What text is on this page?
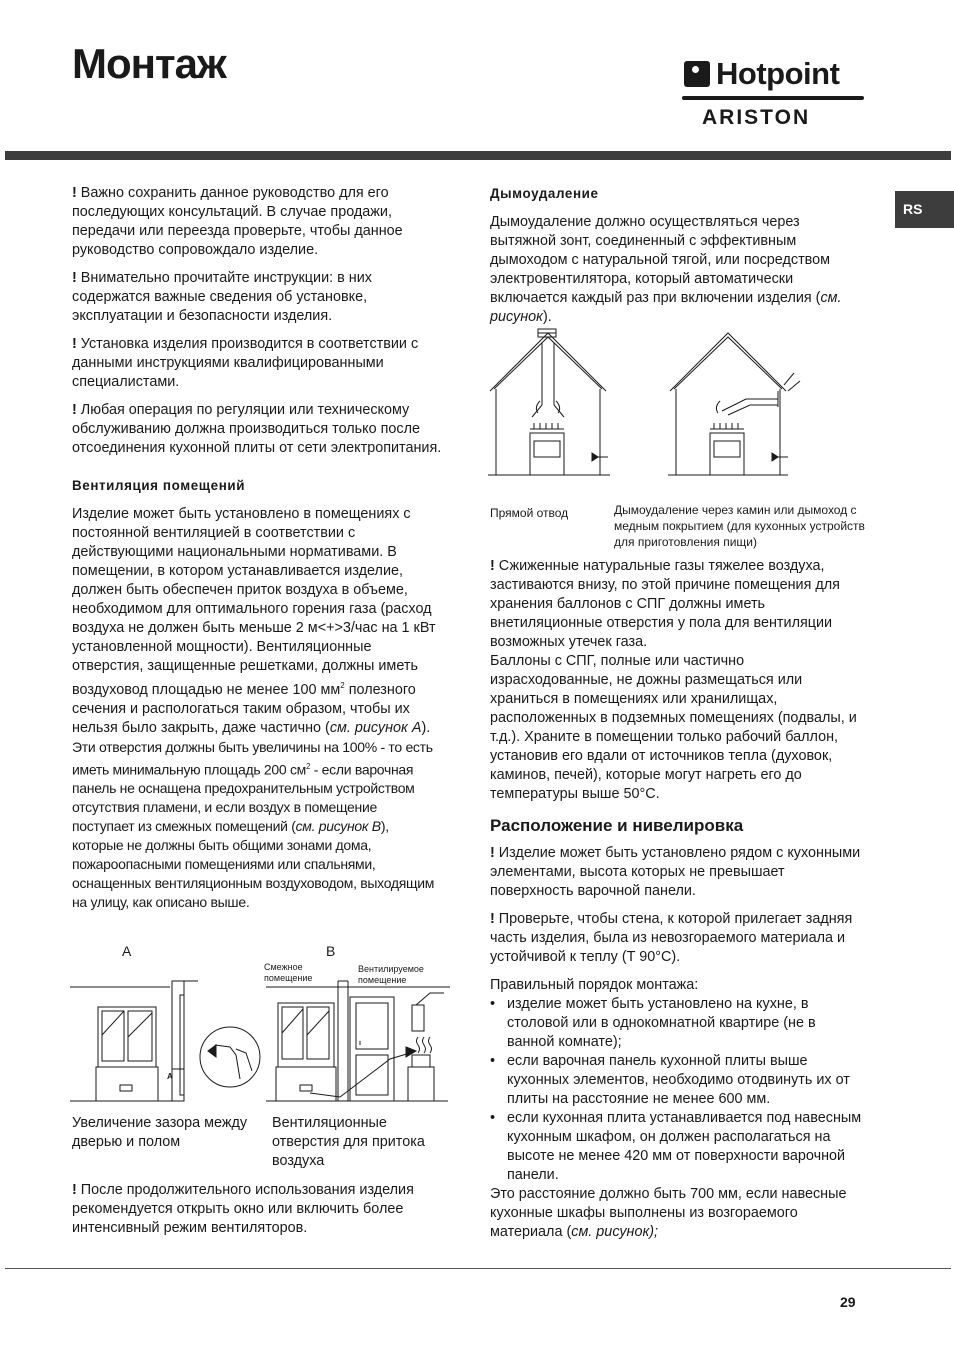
Монтаж	Hotpoint
ARISTON
RS

! Важно сохранить данное руководство для его последующих консультаций. В случае продажи, передачи или переезда проверьте, чтобы данное руководство сопровождало изделие.

! Внимательно прочитайте инструкции: в них содержатся важные сведения об установке, эксплуатации и безопасности изделия.

! Установка изделия производится в соответствии с данными инструкциями квалифицированными специалистами.

! Любая операция по регуляции или техническому обслуживанию должна производиться только после отсоединения кухонной плиты от сети электропитания.

Вентиляция помещений

Изделие может быть установлено в помещениях с постоянной вентиляцией в соответствии с действующими национальными нормативами. В помещении, в котором устанавливается изделие, должен быть обеспечен приток воздуха в объеме, необходимом для оптимального горения газа (расход воздуха не должен быть меньше 2 м<+>3/час на 1 кВт установленной мощности). Вентиляционные отверстия, защищенные решетками, должны иметь воздуховод площадью не менее 100 $мм^2$ полезного сечения и распологаться таким образом, чтобы их нельзя было закрыть, даже частично (см. рисунок A).

Эти отверстия должны быть увеличины на 100% - то есть иметь минимальную площадь 200 $см^2$ - если варочная панель не оснащена предохранительным устройством отсутствия пламени, и если воздух в помещение поступает из смежных помещений (см. рисунок B), которые не должны быть общими зонами дома, пожароопасными помещениями или спальнями, оснащенных вентиляционным воздуховодом, выходящим на улицу, как описано выше.

A	B
Смежное помещение
Вентилируемое помещение
A

Увеличение зазора между дверью и полом

Вентиляционные отверстия для притока воздуха

! После продолжительного использования изделия рекомендуется открыть окно или включить более интенсивный режим вентиляторов.

Дымоудаление

Дымоудаление должно осуществляться через вытяжной зонт, соединенный с эффективным дымоходом с натуральной тягой, или посредством электровентилятора, который автоматически включается каждый раз при включении изделия (см. рисунок).

Прямой отвод	Дымоудаление через камин или дымоход с медным покрытием (для кухонных устройств для приготовления пищи)

! Сжиженные натуральные газы тяжелее воздуха, застиваются внизу, по этой причине помещения для хранения баллонов с СПГ должны иметь внетиляционные отверстия у пола для вентиляции возможных утечек газа.

Баллоны с СПГ, полные или частично израсходованные, не дожны размещаться или храниться в помещениях или хранилищах, расположенных в подземных помещениях (подвалы, и т.д.). Храните в помещении только рабочий баллон, установив его вдали от источников тепла (духовок, каминов, печей), которые могут нагреть его до температуры выше 50°C.

Расположение и нивелировка

! Изделие может быть установлено рядом с кухонными элементами, высота которых не превышает поверхность варочной панели.

! Проверьте, чтобы стена, к которой прилегает задняя часть изделия, была из невозгораемого материала и устойчивой к теплу (T 90°C).

Правильный порядок монтажа:

• изделие может быть установлено на кухне, в столовой или в однокомнатной квартире (не в ванной комнате);
• если варочная панель кухонной плиты выше кухонных элементов, необходимо отодвинуть их от плиты на расстояние не менее 600 мм.
• если кухонная плита устанавливается под навесным кухонным шкафом, он должен располагаться на высоте не менее 420 мм от поверхности варочной панели.

Это расстояние должно быть 700 мм, если навесные кухонные шкафы выполнены из возгораемого материала (см. рисунок);

29
